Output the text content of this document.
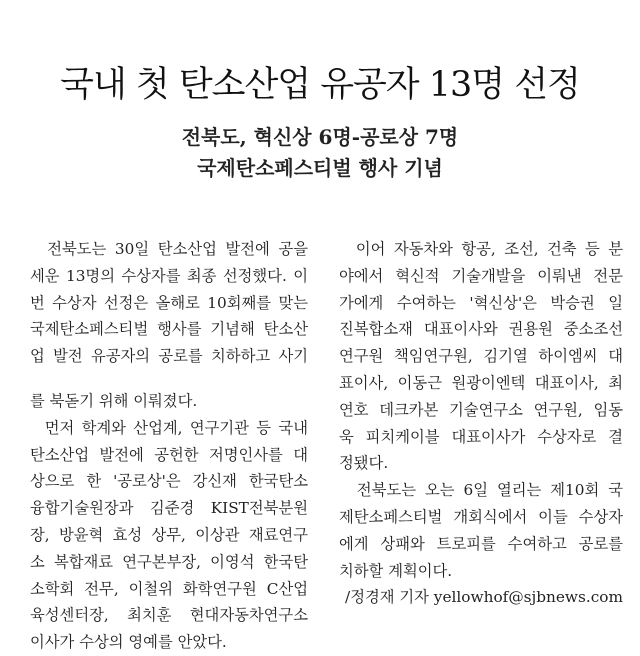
국내 첫 탄소산업 유공자 13명 선정
전북도, 혁신상 6명-공로상 7명
국제탄소페스티벌 행사 기념
전북도는 30일 탄소산업 발전에 공을
세운 13명의 수상자를 최종 선정했다. 이
번 수상자 선정은 올해로 10회째를 맞는
국제탄소페스티벌 행사를 기념해 탄소산
업 발전 유공자의 공로를 치하하고 사기
를 북돋기 위해 이뤄졌다.
먼저 학계와 산업계, 연구기관 등 국내
탄소산업 발전에 공헌한 저명인사를 대
상으로 한 '공로상'은 강신재 한국탄소
융합기술원장과 김준경 KIST전북분원
장, 방윤혁 효성 상무, 이상관 재료연구
소 복합재료 연구본부장, 이영석 한국탄
소학회 전무, 이철위 화학연구원 C산업
육성센터장, 최치훈 현대자동차연구소
이사가 수상의 영예를 안았다.
이어 자동차와 항공, 조선, 건축 등 분
야에서 혁신적 기술개발을 이뤄낸 전문
가에게 수여하는 '혁신상'은 박승권 일
진복합소재 대표이사와 권용원 중소조선
연구원 책임연구원, 김기열 하이엠씨 대
표이사, 이동근 원광이엔텍 대표이사, 최
연호 데크카본 기술연구소 연구원, 임동
욱 피치케이블 대표이사가 수상자로 결
정됐다.
전북도는 오는 6일 열리는 제10회 국
제탄소페스티벌 개회식에서 이들 수상자
에게 상패와 트로피를 수여하고 공로를
치하할 계획이다.
/정경재 기자 yellowhof@sjbnews.com
